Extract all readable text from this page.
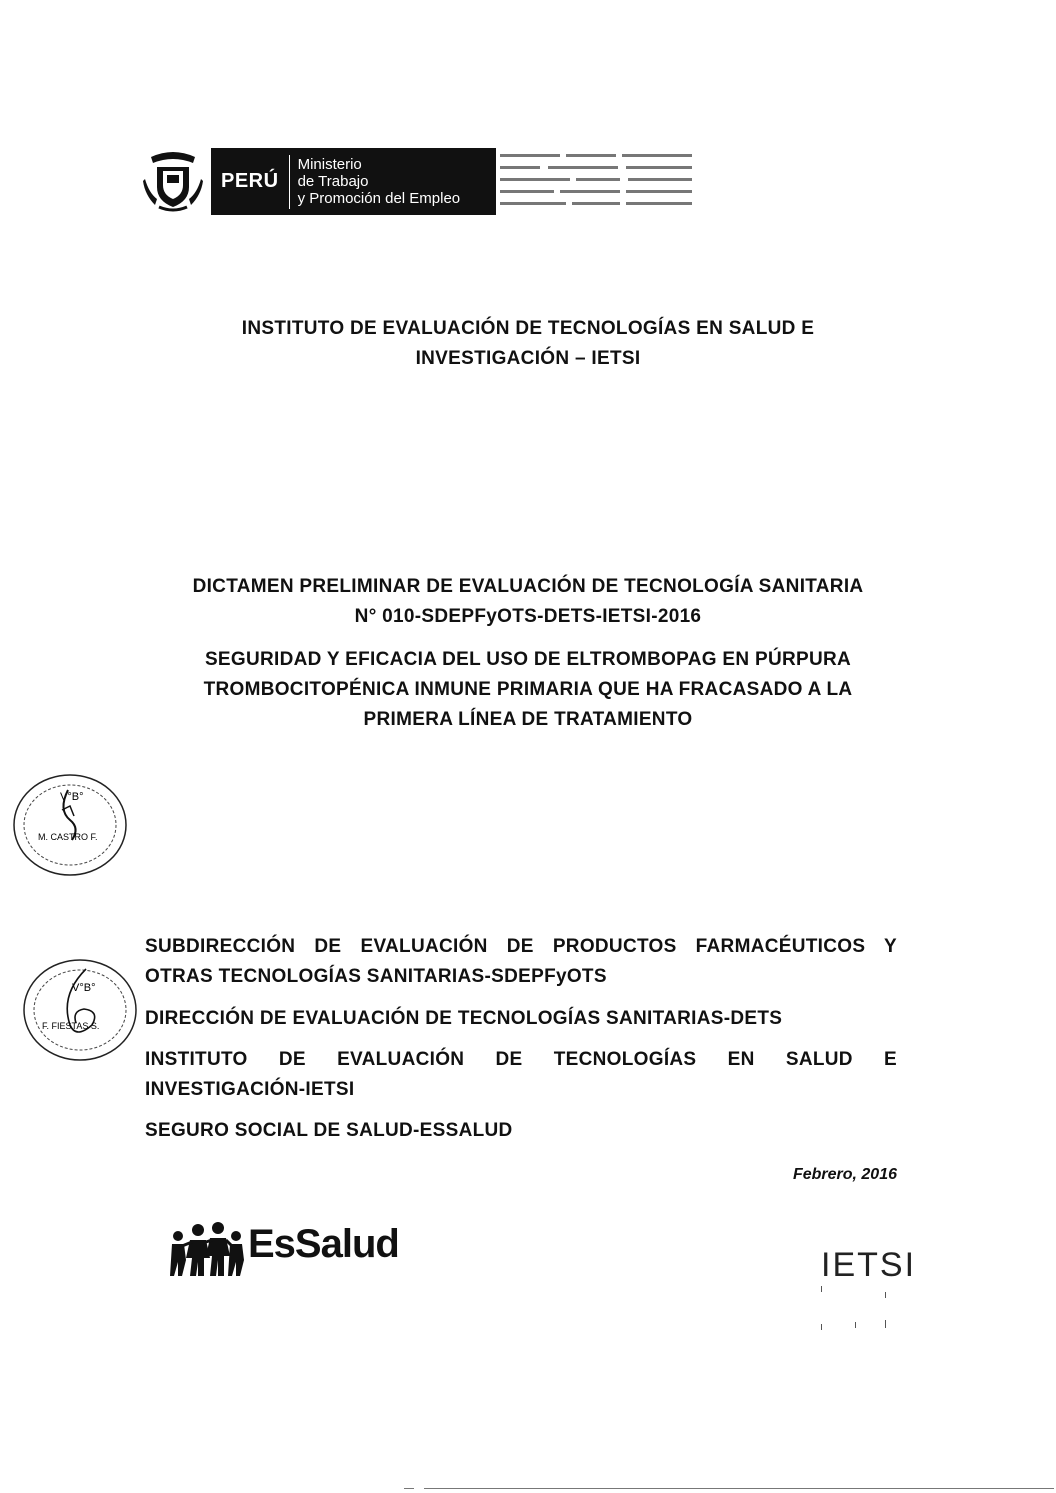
PERÚ
Ministerio
de Trabajo
y Promoción del Empleo
INSTITUTO DE EVALUACIÓN DE TECNOLOGÍAS EN SALUD E
INVESTIGACIÓN – IETSI
DICTAMEN PRELIMINAR DE EVALUACIÓN DE TECNOLOGÍA SANITARIA
N° 010-SDEPFyOTS-DETS-IETSI-2016
SEGURIDAD Y EFICACIA DEL USO DE ELTROMBOPAG EN PÚRPURA
TROMBOCITOPÉNICA INMUNE PRIMARIA QUE HA FRACASADO A LA
PRIMERA LÍNEA DE TRATAMIENTO
V°B°
M. CASTRO F.
V°B°
F. FIESTAS S.
SUBDIRECCIÓN DE EVALUACIÓN DE PRODUCTOS FARMACÉUTICOS Y
OTRAS TECNOLOGÍAS SANITARIAS-SDEPFyOTS
DIRECCIÓN DE EVALUACIÓN DE TECNOLOGÍAS SANITARIAS-DETS
INSTITUTO DE EVALUACIÓN DE TECNOLOGÍAS EN SALUD E
INVESTIGACIÓN-IETSI
SEGURO SOCIAL DE SALUD-ESSALUD
Febrero, 2016
EsSalud	IETSI
